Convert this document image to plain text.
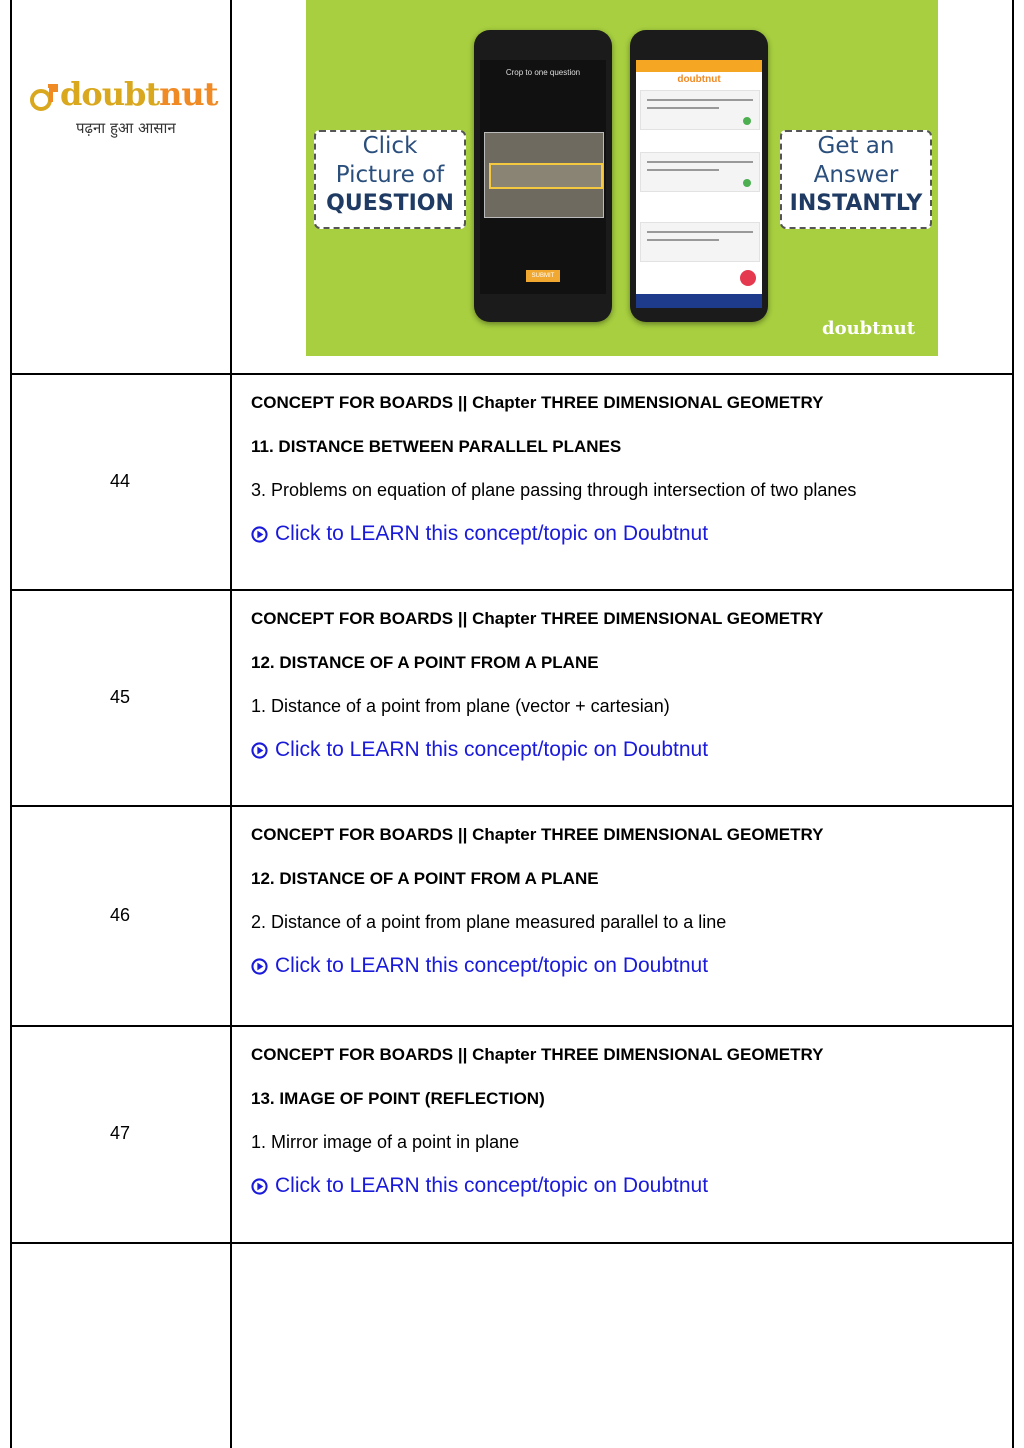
doubtnut
पढ़ना हुआ आसान
Click
Picture of
QUESTION
Crop to one question
SUBMIT
doubtnut
Get an
Answer
INSTANTLY
doubtnut
44
CONCEPT FOR BOARDS || Chapter THREE DIMENSIONAL GEOMETRY
11. DISTANCE BETWEEN PARALLEL PLANES
3. Problems on equation of plane passing through intersection of two planes
Click to LEARN this concept/topic on Doubtnut
45
CONCEPT FOR BOARDS || Chapter THREE DIMENSIONAL GEOMETRY
12. DISTANCE OF A POINT FROM A PLANE
1. Distance of a point from plane (vector + cartesian)
Click to LEARN this concept/topic on Doubtnut
46
CONCEPT FOR BOARDS || Chapter THREE DIMENSIONAL GEOMETRY
12. DISTANCE OF A POINT FROM A PLANE
2. Distance of a point from plane measured parallel to a line
Click to LEARN this concept/topic on Doubtnut
47
CONCEPT FOR BOARDS || Chapter THREE DIMENSIONAL GEOMETRY
13. IMAGE OF POINT (REFLECTION)
1. Mirror image of a point in plane
Click to LEARN this concept/topic on Doubtnut
